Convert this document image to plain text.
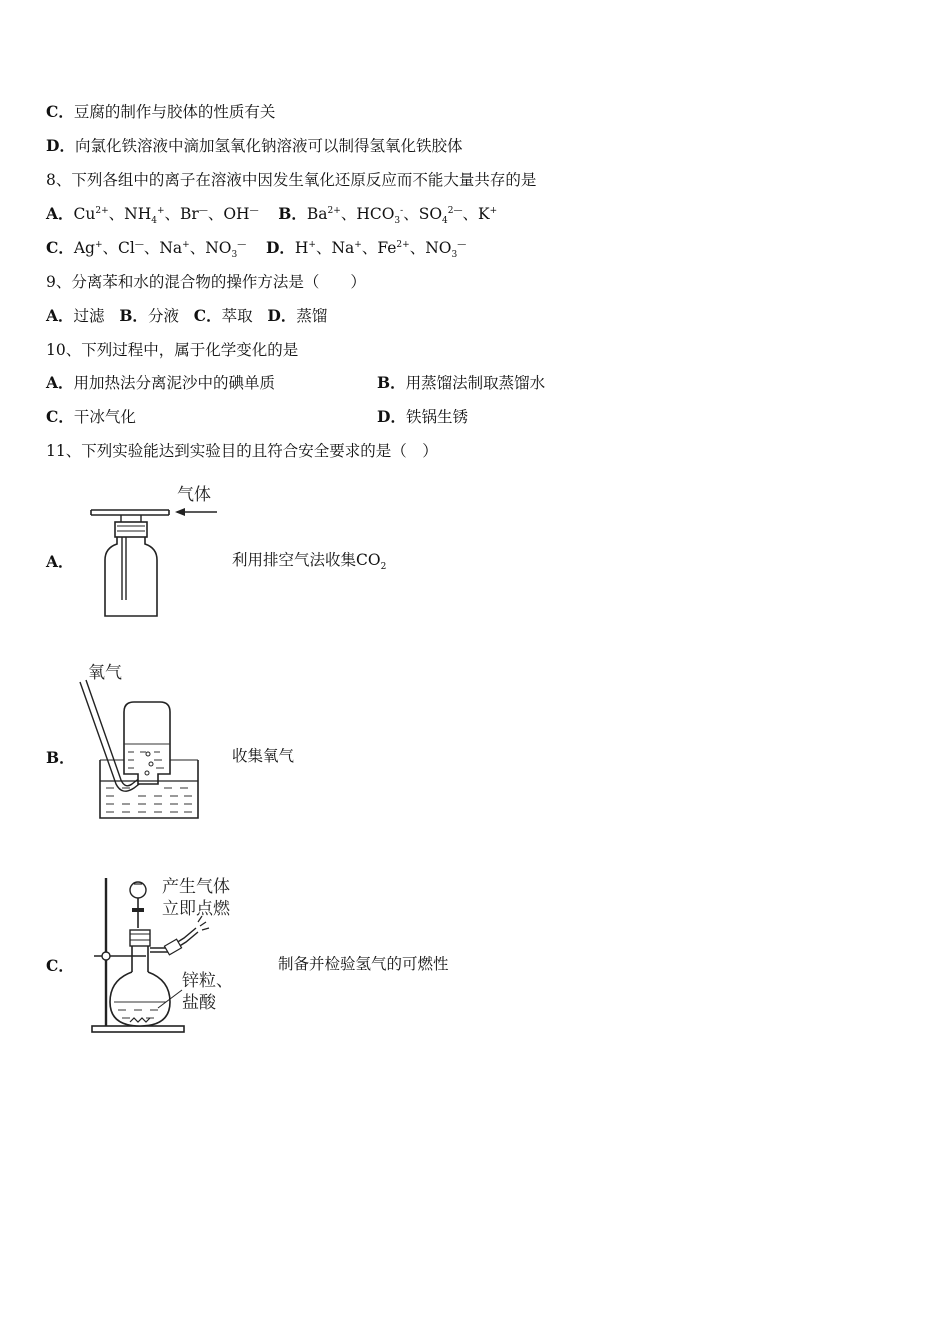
C．豆腐的制作与胶体的性质有关
D．向氯化铁溶液中滴加氢氧化钠溶液可以制得氢氧化铁胶体
8、下列各组中的离子在溶液中因发生氧化还原反应而不能大量共存的是
A．$Cu^{2+}$、$NH_4^+$、Br—、OH— B．$Ba^{2+}$、$HCO_3^-$、$SO_4^{2—}$、K+
C．Ag+、Cl—、Na+、$NO_3^—$ D．H+、Na+、$Fe^{2+}$、$NO_3^—$
9、分离苯和水的混合物的操作方法是（　　）
A．过滤 B．分液 C．萃取 D．蒸馏
10、下列过程中，属于化学变化的是
A．用加热法分离泥沙中的碘单质	B．用蒸馏法制取蒸馏水
C．干冰气化	D．铁锅生锈
11、下列实验能达到实验目的且符合安全要求的是（　）
A．
气体
利用排空气法收集$CO_2$
B．
氧气
收集氧气
C．
产生气体
立即点燃
锌粒、
盐酸
制备并检验氢气的可燃性
